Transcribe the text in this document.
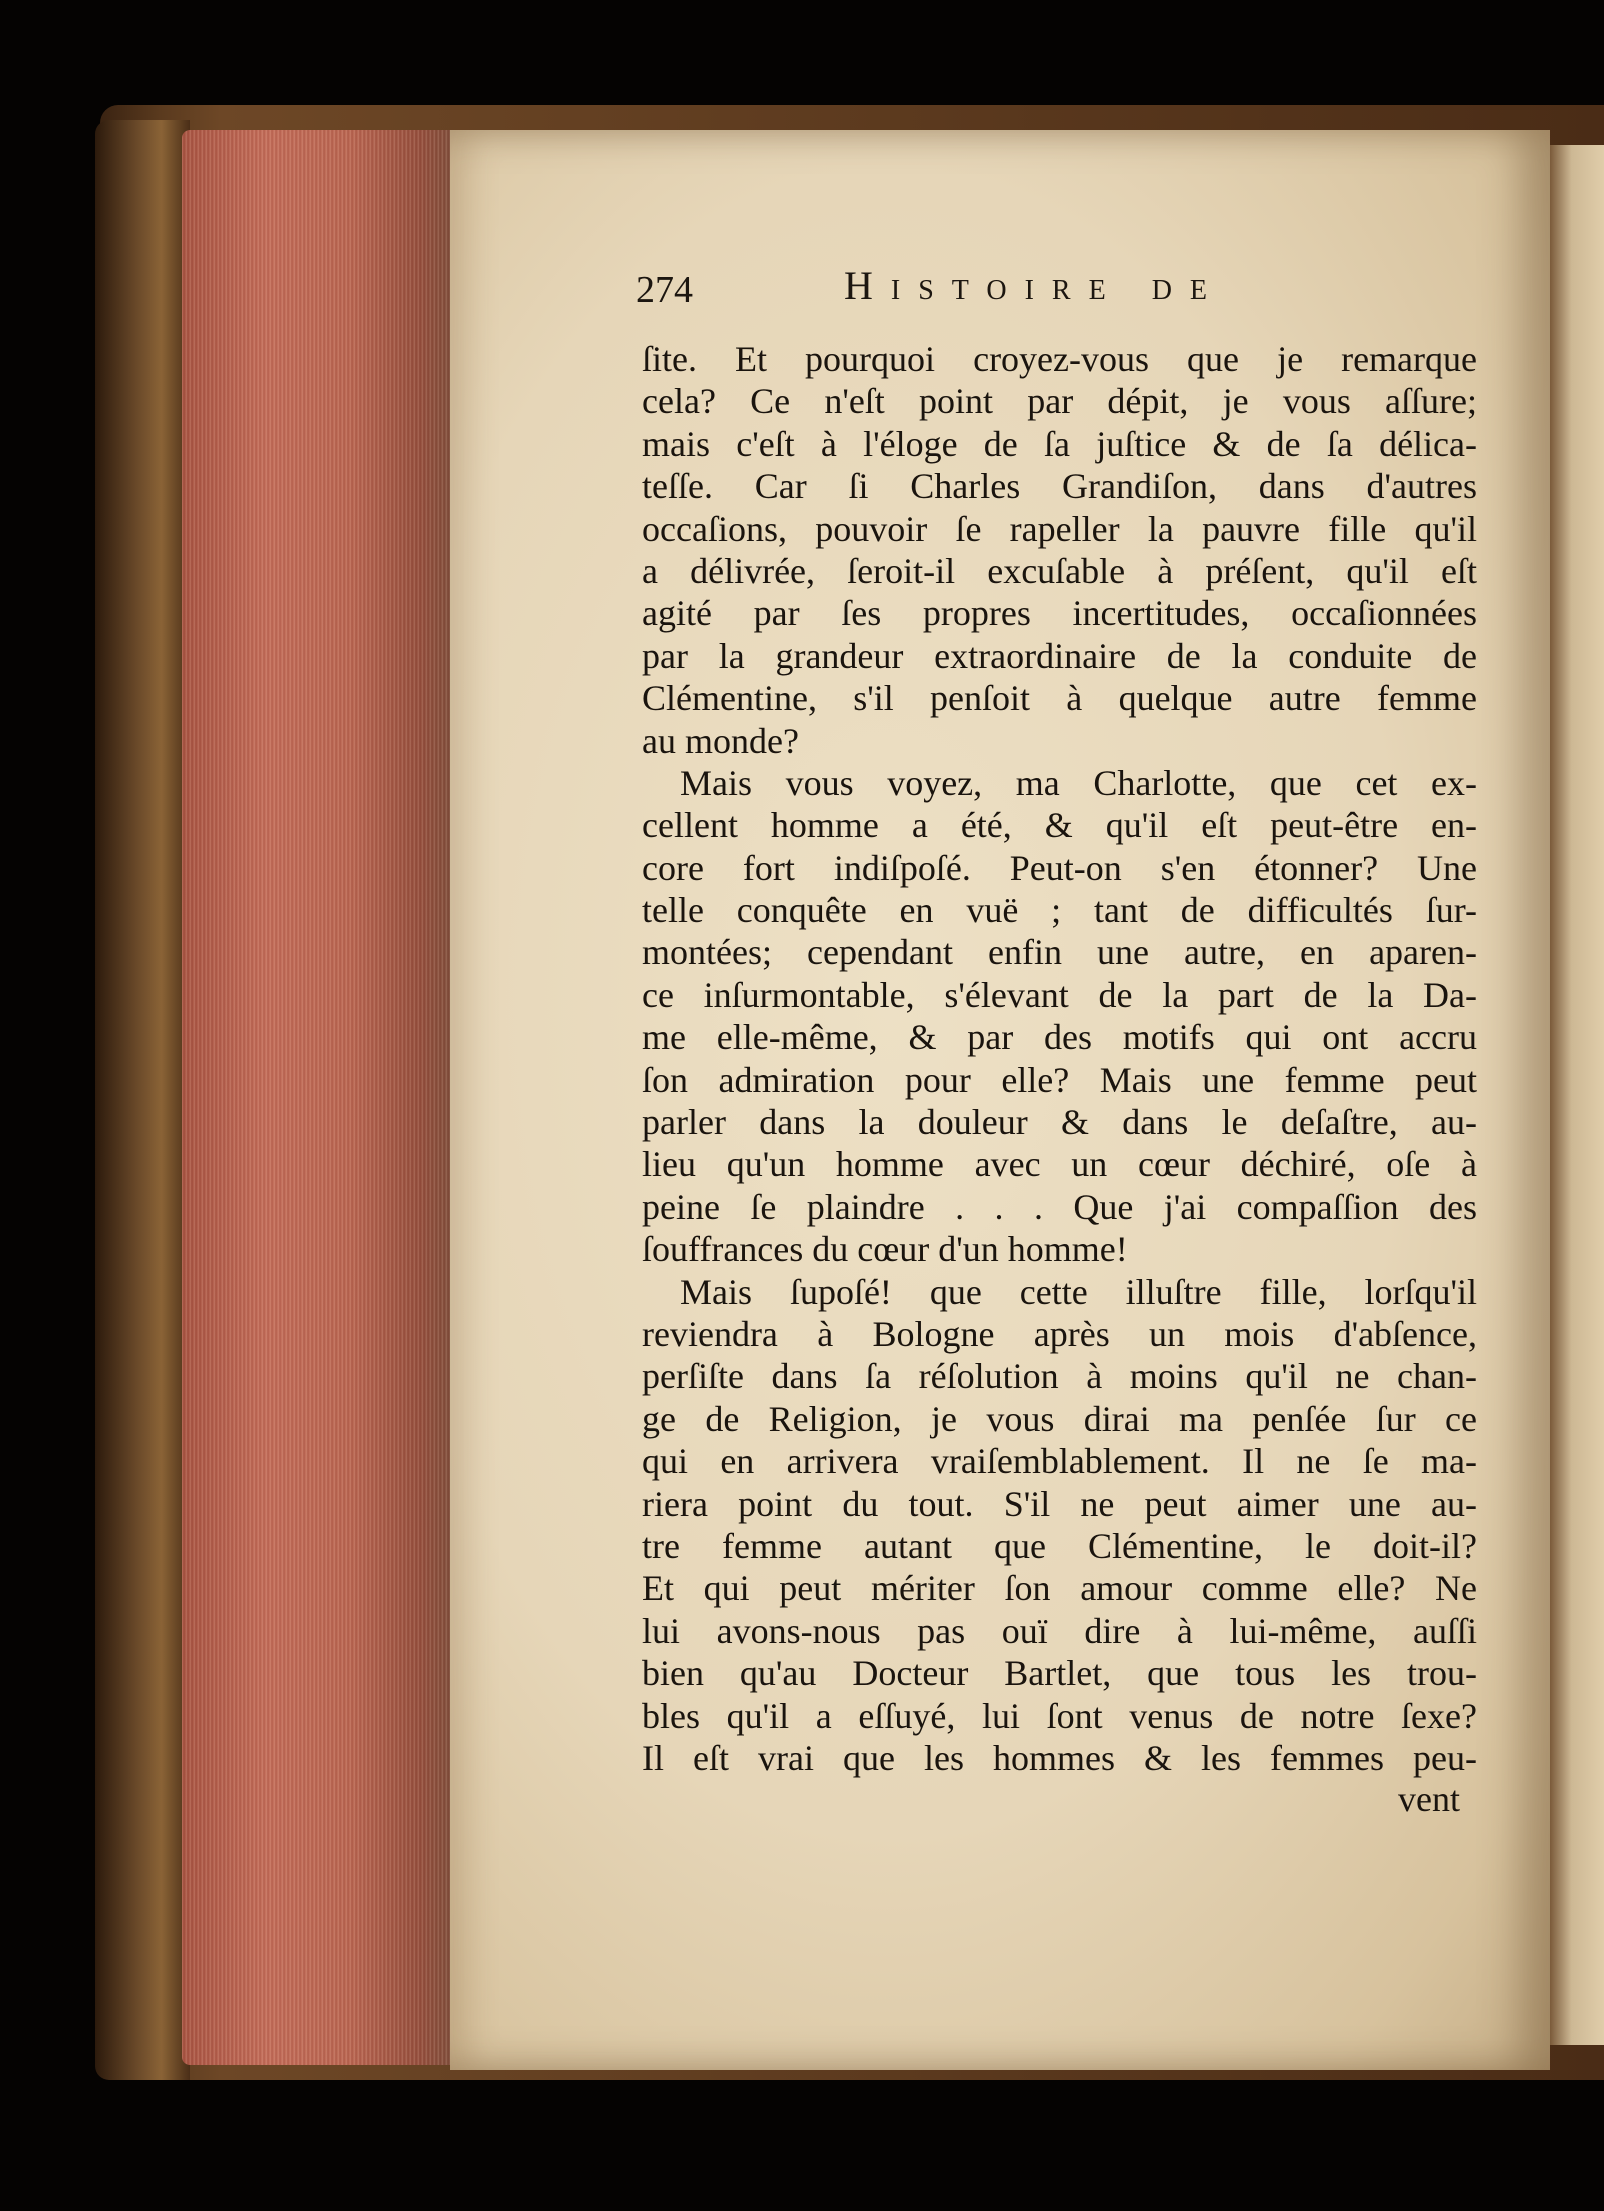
274	Histoire de
ſite. Et pourquoi croyez-vous que je remarque
cela? Ce n'eſt point par dépit, je vous aſſure;
mais c'eſt à l'éloge de ſa juſtice & de ſa délica-
teſſe. Car ſi Charles Grandiſon, dans d'autres
occaſions, pouvoir ſe rapeller la pauvre fille qu'il
a délivrée, ſeroit-il excuſable à préſent, qu'il eſt
agité par ſes propres incertitudes, occaſionnées
par la grandeur extraordinaire de la conduite de
Clémentine, s'il penſoit à quelque autre femme
au monde?
Mais vous voyez, ma Charlotte, que cet ex-
cellent homme a été, & qu'il eſt peut-être en-
core fort indiſpoſé. Peut-on s'en étonner? Une
telle conquête en vuë ; tant de difficultés ſur-
montées; cependant enfin une autre, en aparen-
ce inſurmontable, s'élevant de la part de la Da-
me elle-même, & par des motifs qui ont accru
ſon admiration pour elle? Mais une femme peut
parler dans la douleur & dans le deſaſtre, au-
lieu qu'un homme avec un cœur déchiré, oſe à
peine ſe plaindre . . . Que j'ai compaſſion des
ſouffrances du cœur d'un homme!
Mais ſupoſé! que cette illuſtre fille, lorſqu'il
reviendra à Bologne après un mois d'abſence,
perſiſte dans ſa réſolution à moins qu'il ne chan-
ge de Religion, je vous dirai ma penſée ſur ce
qui en arrivera vraiſemblablement. Il ne ſe ma-
riera point du tout. S'il ne peut aimer une au-
tre femme autant que Clémentine, le doit-il?
Et qui peut mériter ſon amour comme elle? Ne
lui avons-nous pas ouï dire à lui-même, auſſi
bien qu'au Docteur Bartlet, que tous les trou-
bles qu'il a eſſuyé, lui ſont venus de notre ſexe?
Il eſt vrai que les hommes & les femmes peu-
vent
